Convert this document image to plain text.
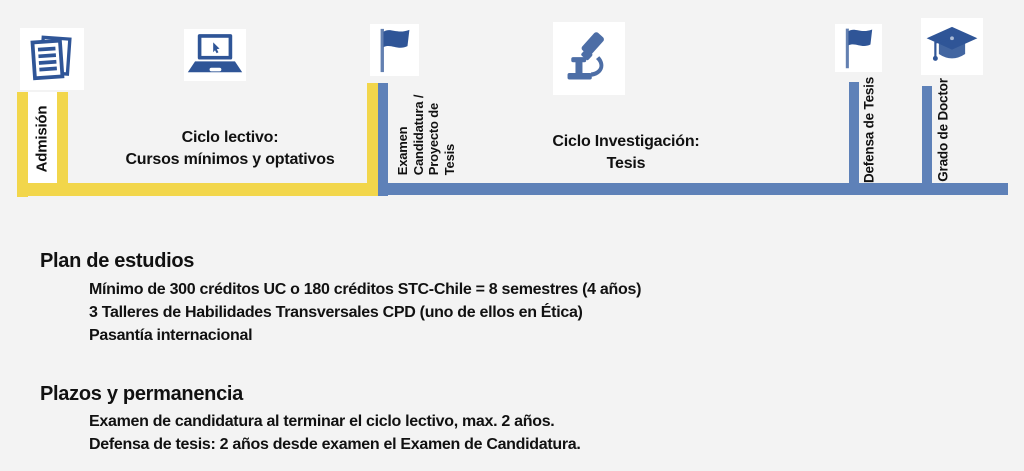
Admisión	Examen Candidatura / Proyecto de Tesis	Defensa de Tesis	Grado de Doctor
Ciclo lectivo:
Cursos mínimos y optativos
Ciclo Investigación:
Tesis
Plan de estudios
Mínimo de 300 créditos UC o 180 créditos STC-Chile = 8 semestres (4 años)
3 Talleres de Habilidades Transversales CPD (uno de ellos en Ética)
Pasantía internacional
Plazos y permanencia
Examen de candidatura al terminar el ciclo lectivo, max. 2 años.
Defensa de tesis: 2 años desde examen el Examen de Candidatura.
